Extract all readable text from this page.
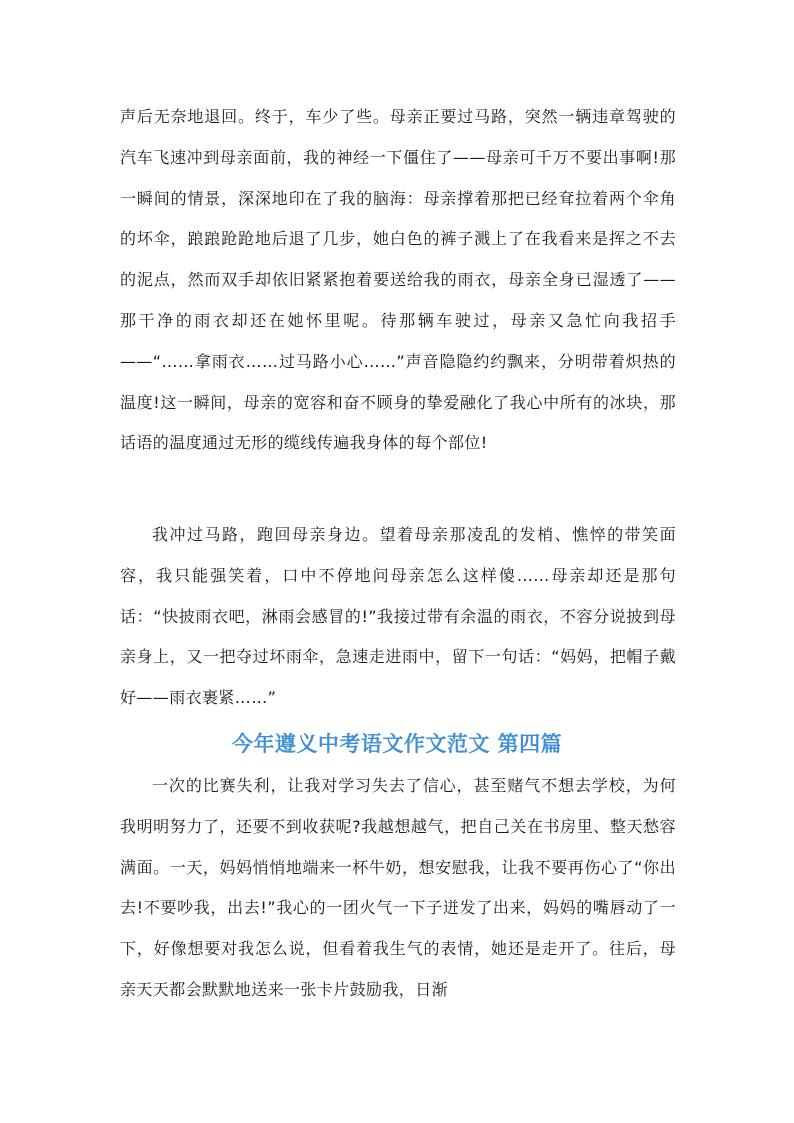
声后无奈地退回。终于，车少了些。母亲正要过马路，突然一辆违章驾驶的汽车飞速冲到母亲面前，我的神经一下僵住了——母亲可千万不要出事啊!那一瞬间的情景，深深地印在了我的脑海：母亲撑着那把已经耷拉着两个伞角的坏伞，踉踉跄跄地后退了几步，她白色的裤子溅上了在我看来是挥之不去的泥点，然而双手却依旧紧紧抱着要送给我的雨衣，母亲全身已湿透了——那干净的雨衣却还在她怀里呢。待那辆车驶过，母亲又急忙向我招手——“……拿雨衣……过马路小心……”声音隐隐约约飘来，分明带着炽热的温度!这一瞬间，母亲的宽容和奋不顾身的挚爱融化了我心中所有的冰块，那话语的温度通过无形的缆线传遍我身体的每个部位!

我冲过马路，跑回母亲身边。望着母亲那凌乱的发梢、憔悴的带笑面容，我只能强笑着，口中不停地问母亲怎么这样傻……母亲却还是那句话：“快披雨衣吧，淋雨会感冒的!”我接过带有余温的雨衣，不容分说披到母亲身上，又一把夺过坏雨伞，急速走进雨中，留下一句话：“妈妈，把帽子戴好——雨衣裹紧……”

今年遵义中考语文作文范文 第四篇

一次的比赛失利，让我对学习失去了信心，甚至赌气不想去学校，为何我明明努力了，还要不到收获呢?我越想越气，把自己关在书房里、整天愁容满面。一天，妈妈悄悄地端来一杯牛奶，想安慰我，让我不要再伤心了“你出去!不要吵我，出去!”我心的一团火气一下子迸发了出来，妈妈的嘴唇动了一下，好像想要对我怎么说，但看着我生气的表情，她还是走开了。往后，母亲天天都会默默地送来一张卡片鼓励我，日渐
